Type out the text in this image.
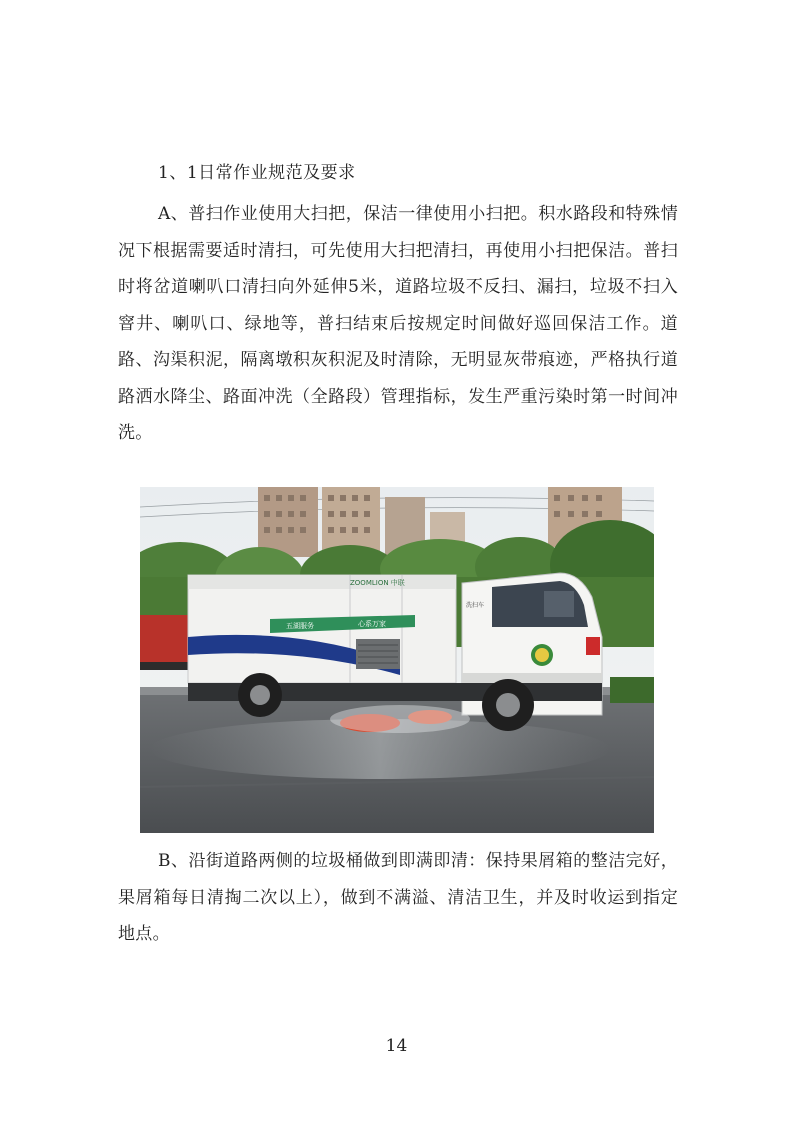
1、1日常作业规范及要求

A、普扫作业使用大扫把，保洁一律使用小扫把。积水路段和特殊情况下根据需要适时清扫，可先使用大扫把清扫，再使用小扫把保洁。普扫时将岔道喇叭口清扫向外延伸5米，道路垃圾不反扫、漏扫，垃圾不扫入窨井、喇叭口、绿地等，普扫结束后按规定时间做好巡回保洁工作。道路、沟渠积泥，隔离墩积灰积泥及时清除，无明显灰带痕迹，严格执行道路洒水降尘、路面冲洗（全路段）管理指标，发生严重污染时第一时间冲洗。

ZOOMLION 中联
五湖服务	心系万家
洗扫车

B、沿街道路两侧的垃圾桶做到即满即清：保持果屑箱的整洁完好，果屑箱每日清掏二次以上），做到不满溢、清洁卫生，并及时收运到指定地点。

14
